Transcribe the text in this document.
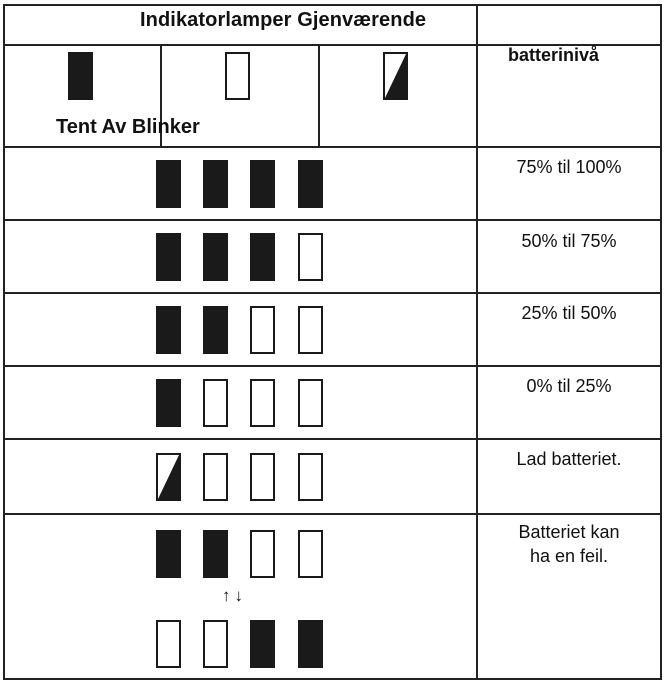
Indikatorlamper Gjenværende
batterinivå
Tent Av Blinker
75% til 100%
50% til 75%
25% til 50%
0% til 25%
Lad batteriet.
↑↓
Batteriet kan
ha en feil.
